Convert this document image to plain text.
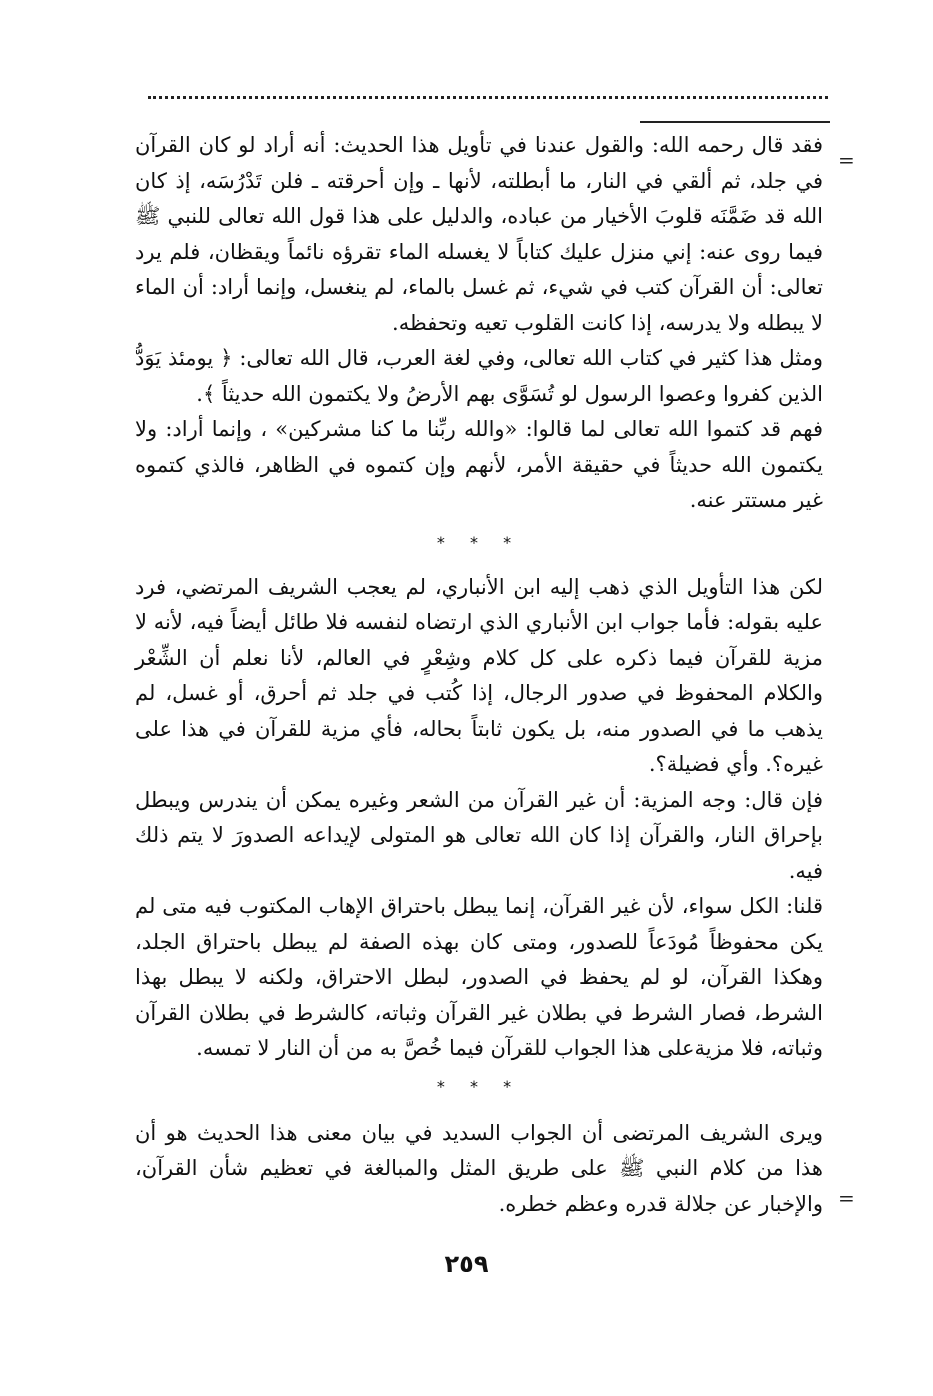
=
=

فقد قال رحمه الله: والقول عندنا في تأويل هذا الحديث: أنه أراد لو كان القرآن في جلد، ثم ألقي في النار، ما أبطلته، لأنها ـ وإن أحرقته ـ فلن تَدْرُسَه، إذ كان الله قد ضَمَّنَه قلوبَ الأخيار من عباده، والدليل على هذا قول الله تعالى للنبي ﷺ فيما روى عنه: إني منزل عليك كتاباً لا يغسله الماء تقرؤه نائماً ويقظان، فلم يرد تعالى: أن القرآن كتب في شيء، ثم غسل بالماء، لم ينغسل، وإنما أراد: أن الماء لا يبطله ولا يدرسه، إذا كانت القلوب تعيه وتحفظه.

ومثل هذا كثير في كتاب الله تعالى، وفي لغة العرب، قال الله تعالى: ﴿ يومئذ يَوَدُّ الذين كفروا وعصوا الرسول لو تُسَوَّى بهم الأرضُ ولا يكتمون الله حديثاً ﴾.

فهم قد كتموا الله تعالى لما قالوا: «والله ربِّنا ما كنا مشركين» ، وإنما أراد: ولا يكتمون الله حديثاً في حقيقة الأمر، لأنهم وإن كتموه في الظاهر، فالذي كتموه غير مستتر عنه.

* * *

لكن هذا التأويل الذي ذهب إليه ابن الأنباري، لم يعجب الشريف المرتضي، فرد عليه بقوله: فأما جواب ابن الأنباري الذي ارتضاه لنفسه فلا طائل أيضاً فيه، لأنه لا مزية للقرآن فيما ذكره على كل كلام وشِعْرٍ في العالم، لأنا نعلم أن الشِّعْر والكلام المحفوظ في صدور الرجال، إذا كُتب في جلد ثم أحرق، أو غسل، لم يذهب ما في الصدور منه، بل يكون ثابتاً بحاله، فأي مزية للقرآن في هذا على غيره؟. وأي فضيلة؟.

فإن قال: وجه المزية: أن غير القرآن من الشعر وغيره يمكن أن يندرس ويبطل بإحراق النار، والقرآن إذا كان الله تعالى هو المتولى لإيداعه الصدورَ لا يتم ذلك فيه.

قلنا: الكل سواء، لأن غير القرآن، إنما يبطل باحتراق الإهاب المكتوب فيه متى لم يكن محفوظاً مُودَعاً للصدور، ومتى كان بهذه الصفة لم يبطل باحتراق الجلد، وهكذا القرآن، لو لم يحفظ في الصدور، لبطل الاحتراق، ولكنه لا يبطل بهذا الشرط، فصار الشرط في بطلان غير القرآن وثباته، كالشرط في بطلان القرآن وثباته، فلا مزيةعلى هذا الجواب للقرآن فيما خُصَّ به من أن النار لا تمسه.

* * *

ويرى الشريف المرتضى أن الجواب السديد في بيان معنى هذا الحديث هو أن هذا من كلام النبي ﷺ على طريق المثل والمبالغة في تعظيم شأن القرآن، والإخبار عن جلالة قدره وعظم خطره.

٢٥٩
